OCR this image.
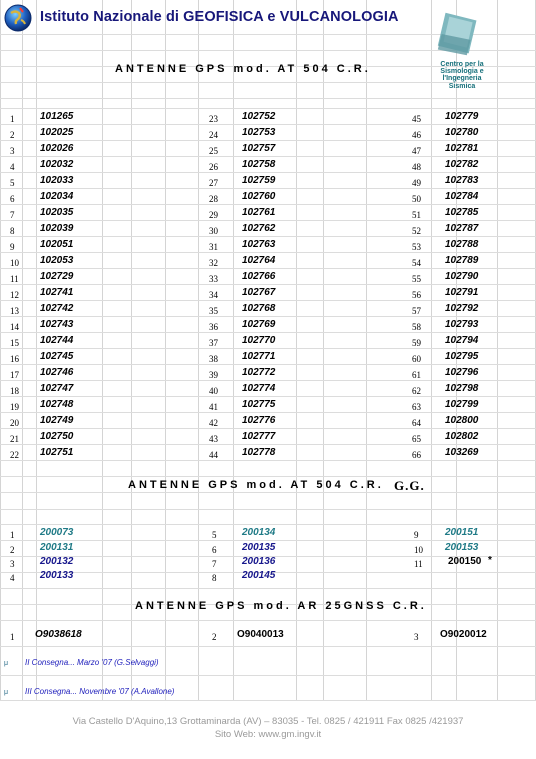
Istituto Nazionale di GEOFISICA e VULCANOLOGIA
Centro per la
Sismologia e
l'Ingegneria
Sismica
ANTENNE GPS mod. AT 504 C.R.
1	101265
2	102025
3	102026
4	102032
5	102033
6	102034
7	102035
8	102039
9	102051
10	102053
11	102729
12	102741
13	102742
14	102743
15	102744
16	102745
17	102746
18	102747
19	102748
20	102749
21	102750
22	102751
23	102752
24	102753
25	102757
26	102758
27	102759
28	102760
29	102761
30	102762
31	102763
32	102764
33	102766
34	102767
35	102768
36	102769
37	102770
38	102771
39	102772
40	102774
41	102775
42	102776
43	102777
44	102778
45	102779
46	102780
47	102781
48	102782
49	102783
50	102784
51	102785
52	102787
53	102788
54	102789
55	102790
56	102791
57	102792
58	102793
59	102794
60	102795
61	102796
62	102798
63	102799
64	102800
65	102802
66	103269
ANTENNE GPS mod. AT 504 C.R. G.G.
1	200073
2	200131
3	200132
4	200133
5	200134
6	200135
7	200136
8	200145
9	200151
10	200153
11	200150 *
ANTENNE GPS mod. AR 25GNSS C.R.
1	O9038618	2	O9040013	3	O9020012
μ II Consegna... Marzo '07 (G.Selvaggi)
μ III Consegna... Novembre '07 (A.Avallone)
Via Castello D'Aquino,13 Grottaminarda (AV) – 83035 - Tel. 0825 / 421911 Fax 0825 /421937
Sito Web: www.gm.ingv.it
